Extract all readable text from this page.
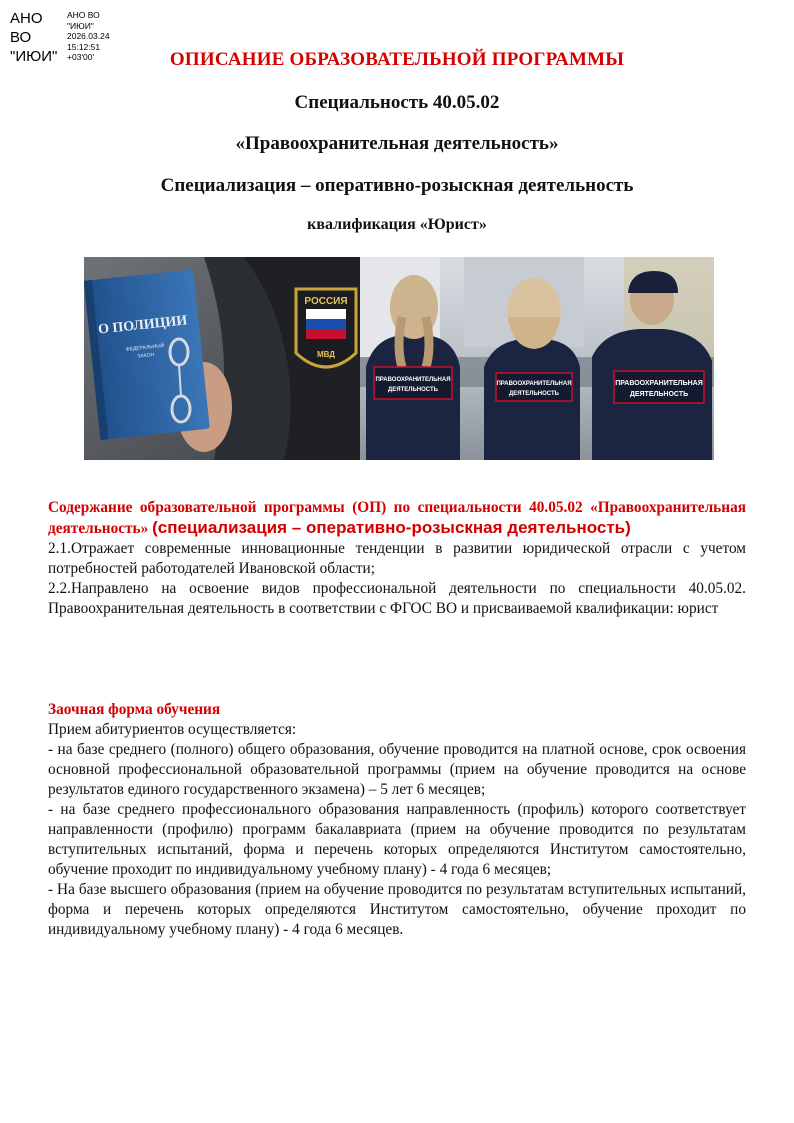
АНО
ВО
"ИЮИ"
АНО ВО
"ИЮИ"
2026.03.24
15:12:51
+03'00'	ОПИСАНИЕ ОБРАЗОВАТЕЛЬНОЙ ПРОГРАММЫ
Специальность 40.05.02
«Правоохранительная деятельность»
Специализация – оперативно-розыскная деятельность
квалификация «Юрист»
О ПОЛИЦИИ
ФЕДЕРАЛЬНЫЙ
ЗАКОН
РОССИЯ
МВД
ПРАВООХРАНИТЕЛЬНАЯ
ДЕЯТЕЛЬНОСТЬ
ПРАВООХРАНИТЕЛЬНАЯ
ДЕЯТЕЛЬНОСТЬ
ПРАВООХРАНИТЕЛЬНАЯ
ДЕЯТЕЛЬНОСТЬ

Содержание образовательной программы (ОП) по специальности 40.05.02 «Правоохранительная деятельность» (специализация – оперативно-розыскная деятельность)

2.1.Отражает современные инновационные тенденции в развитии юридической отрасли с учетом потребностей работодателей Ивановской области;

2.2.Направлено на освоение видов профессиональной деятельности по специальности 40.05.02. Правоохранительная деятельность в соответствии с ФГОС ВО и присваиваемой квалификации: юрист

Заочная форма обучения

Прием абитуриентов осуществляется:

- на базе среднего (полного) общего образования, обучение проводится на платной основе, срок освоения основной профессиональной образовательной программы (прием на обучение проводится на основе результатов единого государственного экзамена) – 5 лет 6 месяцев;

- на базе среднего профессионального образования направленность (профиль) которого соответствует направленности (профилю) программ бакалавриата (прием на обучение проводится по результатам вступительных испытаний, форма и перечень которых определяются Институтом самостоятельно, обучение проходит по индивидуальному учебному плану) - 4 года 6 месяцев;

- На базе высшего образования (прием на обучение проводится по результатам вступительных испытаний, форма и перечень которых определяются Институтом самостоятельно, обучение проходит по индивидуальному учебному плану) - 4 года 6 месяцев.
